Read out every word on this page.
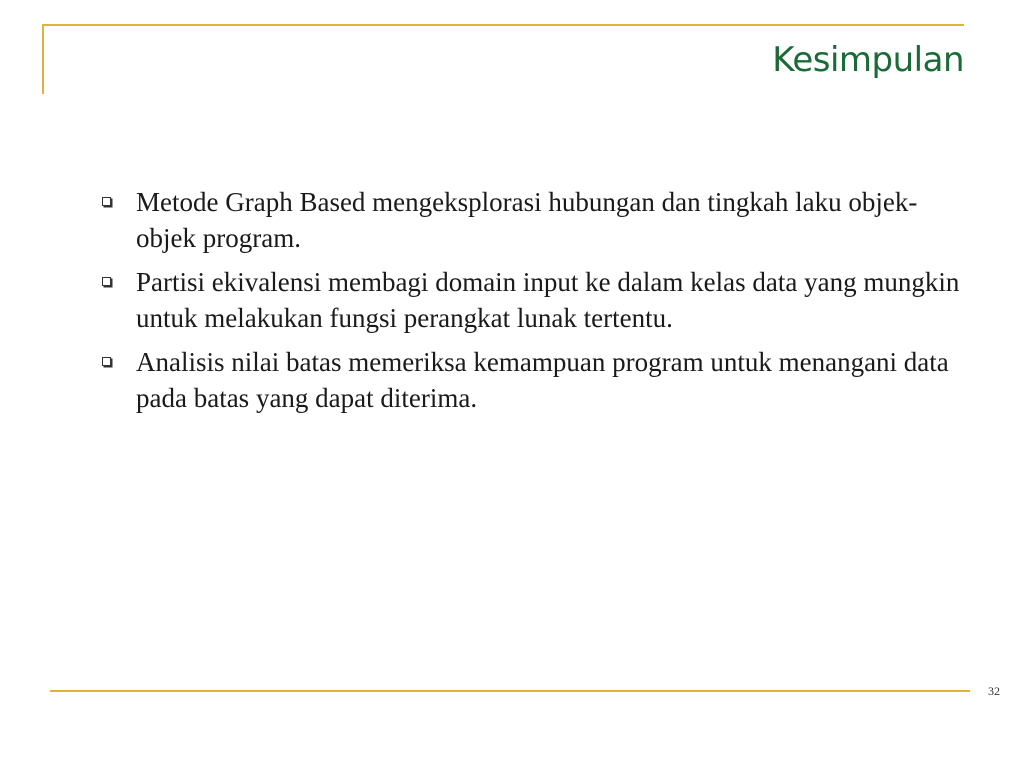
Kesimpulan
Metode Graph Based mengeksplorasi hubungan dan tingkah laku objek-objek program.
Partisi ekivalensi membagi domain input ke dalam kelas data yang mungkin untuk melakukan fungsi perangkat lunak tertentu.
Analisis nilai batas memeriksa kemampuan program untuk menangani data pada batas yang dapat diterima.
32
